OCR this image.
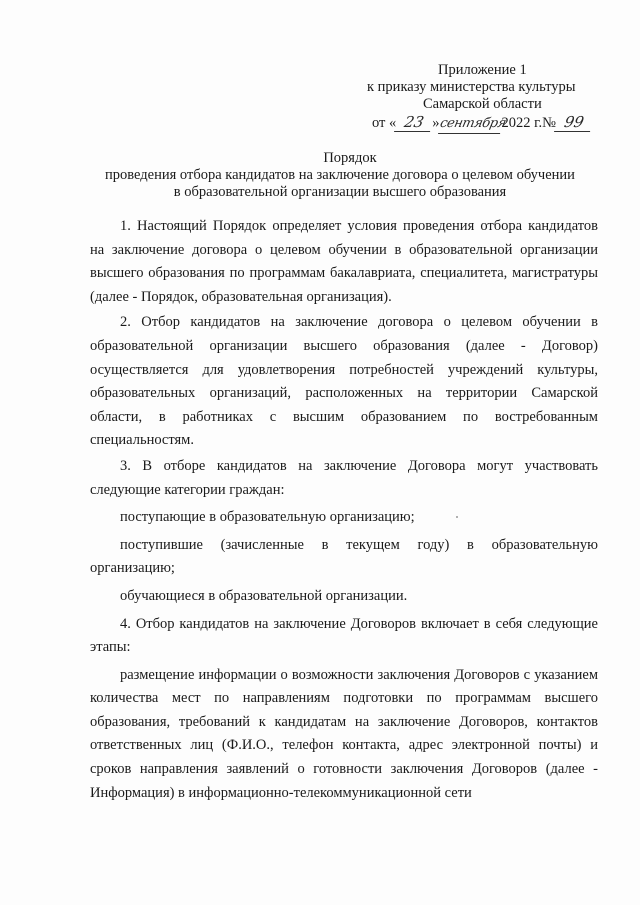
Приложение 1
к приказу министерства культуры
Самарской области
от « 23 »сентября2022 г.№ 99
Порядок
проведения отбора кандидатов на заключение договора о целевом обучении
в образовательной организации высшего образования

1. Настоящий Порядок определяет условия проведения отбора кандидатов на заключение договора о целевом обучении в образовательной организации высшего образования по программам бакалавриата, специалитета, магистратуры (далее - Порядок, образовательная организация).

2. Отбор кандидатов на заключение договора о целевом обучении в образовательной организации высшего образования (далее - Договор) осуществляется для удовлетворения потребностей учреждений культуры, образовательных организаций, расположенных на территории Самарской области, в работниках с высшим образованием по востребованным специальностям.

3. В отборе кандидатов на заключение Договора могут участвовать следующие категории граждан:

поступающие в образовательную организацию;

поступившие (зачисленные в текущем году) в образовательную организацию;

обучающиеся в образовательной организации.

4. Отбор кандидатов на заключение Договоров включает в себя следующие этапы:

размещение информации о возможности заключения Договоров с указанием количества мест по направлениям подготовки по программам высшего образования, требований к кандидатам на заключение Договоров, контактов ответственных лиц (Ф.И.О., телефон контакта, адрес электронной почты) и сроков направления заявлений о готовности заключения Договоров (далее - Информация) в информационно-телекоммуникационной сети
